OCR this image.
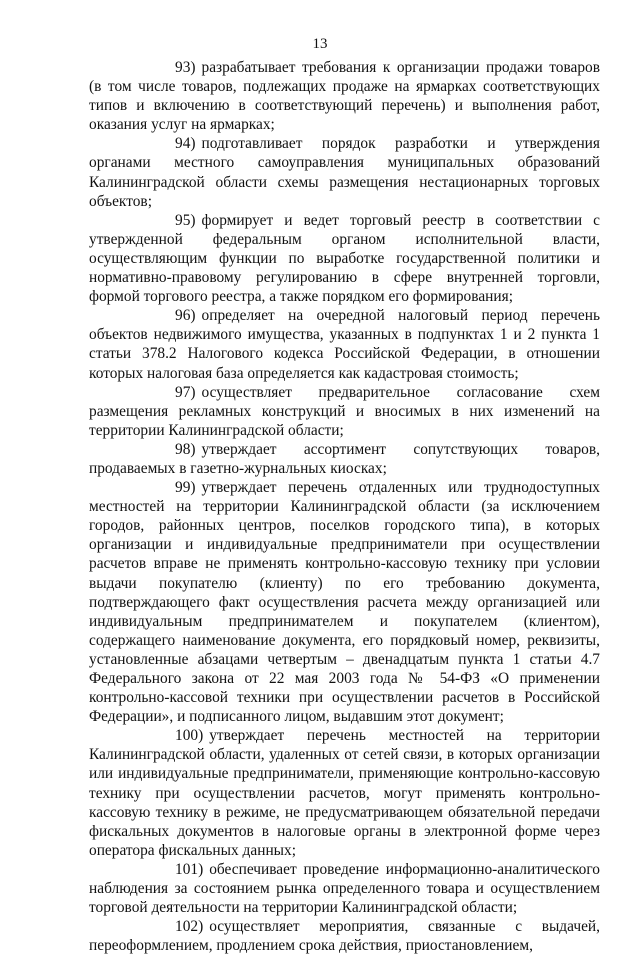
13

93) разрабатывает требования к организации продажи товаров (в том числе товаров, подлежащих продаже на ярмарках соответствующих типов и включению в соответствующий перечень) и выполнения работ, оказания услуг на ярмарках;

94) подготавливает порядок разработки и утверждения органами местного самоуправления муниципальных образований Калининградской области схемы размещения нестационарных торговых объектов;

95) формирует и ведет торговый реестр в соответствии с утвержденной федеральным органом исполнительной власти, осуществляющим функции по выработке государственной политики и нормативно-правовому регулированию в сфере внутренней торговли, формой торгового реестра, а также порядком его формирования;

96) определяет на очередной налоговый период перечень объектов недвижимого имущества, указанных в подпунктах 1 и 2 пункта 1 статьи 378.2 Налогового кодекса Российской Федерации, в отношении которых налоговая база определяется как кадастровая стоимость;

97) осуществляет предварительное согласование схем размещения рекламных конструкций и вносимых в них изменений на территории Калининградской области;

98) утверждает ассортимент сопутствующих товаров, продаваемых в газетно-журнальных киосках;

99) утверждает перечень отдаленных или труднодоступных местностей на территории Калининградской области (за исключением городов, районных центров, поселков городского типа), в которых организации и индивидуальные предприниматели при осуществлении расчетов вправе не применять контрольно-кассовую технику при условии выдачи покупателю (клиенту) по его требованию документа, подтверждающего факт осуществления расчета между организацией или индивидуальным предпринимателем и покупателем (клиентом), содержащего наименование документа, его порядковый номер, реквизиты, установленные абзацами четвертым – двенадцатым пункта 1 статьи 4.7 Федерального закона от 22 мая 2003 года № 54-ФЗ «О применении контрольно-кассовой техники при осуществлении расчетов в Российской Федерации», и подписанного лицом, выдавшим этот документ;

100) утверждает перечень местностей на территории Калининградской области, удаленных от сетей связи, в которых организации или индивидуальные предприниматели, применяющие контрольно-кассовую технику при осуществлении расчетов, могут применять контрольно-кассовую технику в режиме, не предусматривающем обязательной передачи фискальных документов в налоговые органы в электронной форме через оператора фискальных данных;

101) обеспечивает проведение информационно-аналитического наблюдения за состоянием рынка определенного товара и осуществлением торговой деятельности на территории Калининградской области;

102) осуществляет мероприятия, связанные с выдачей, переоформлением, продлением срока действия, приостановлением,
